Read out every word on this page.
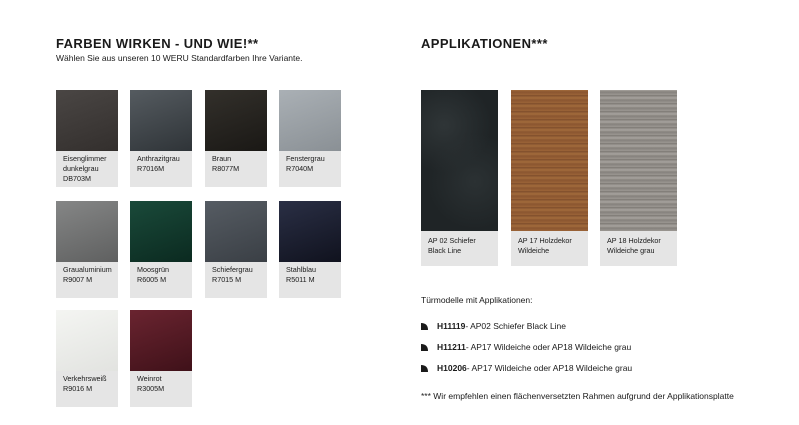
FARBEN WIRKEN - UND WIE!**
Wählen Sie aus unseren 10 WERU Standardfarben Ihre Variante.
Eisenglimmer
dunkelgrau
DB703M
Anthrazitgrau
R7016M
Braun
R8077M
Fenstergrau
R7040M
Graualuminium
R9007 M
Moosgrün
R6005 M
Schiefergrau
R7015 M
Stahlblau
R5011 M
Verkehrsweiß
R9016 M
Weinrot
R3005M
APPLIKATIONEN***
AP 02 Schiefer
Black Line
AP 17 Holzdekor
Wildeiche
AP 18 Holzdekor
Wildeiche grau
Türmodelle mit Applikationen:
H11119 - AP02 Schiefer Black Line
H11211 - AP17 Wildeiche oder AP18 Wildeiche grau
H10206 - AP17 Wildeiche oder AP18 Wildeiche grau
*** Wir empfehlen einen flächenversetzten Rahmen aufgrund der Applikationsplatte
